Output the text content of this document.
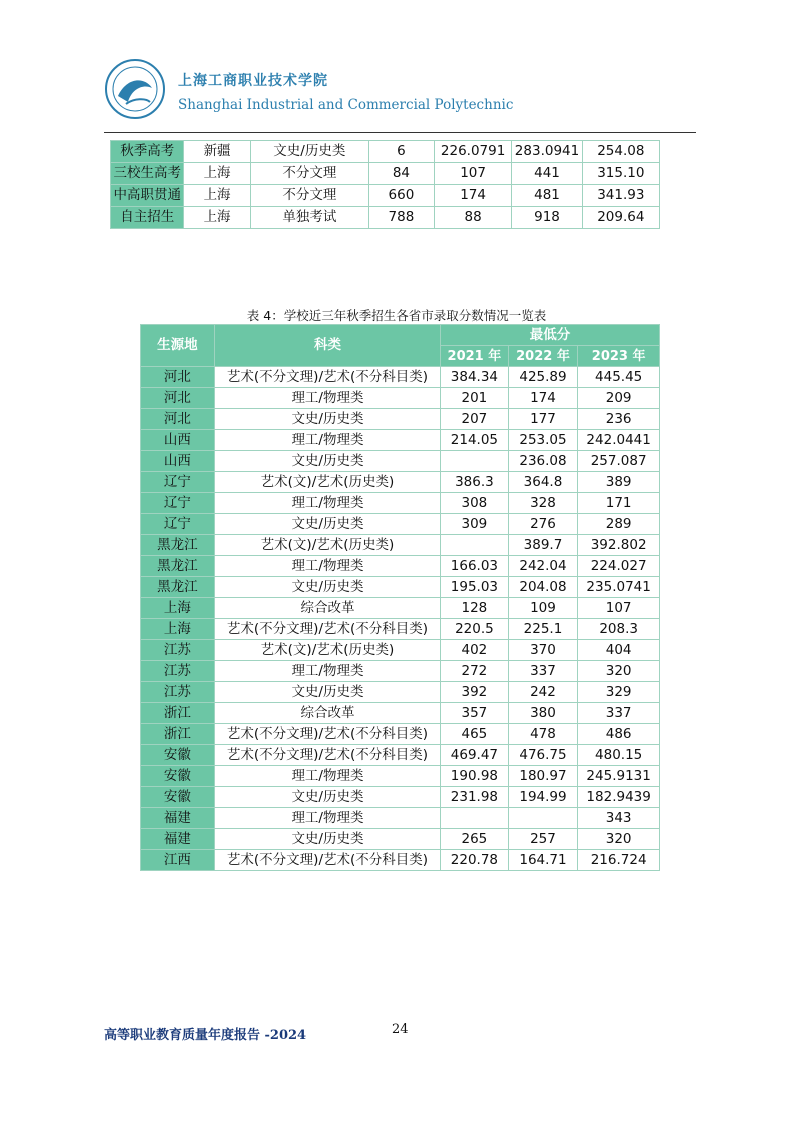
上海工商职业技术学院
Shanghai Industrial and Commercial Polytechnic
秋季高考	新疆	文史/历史类	6	226.0791	283.0941	254.08
三校生高考	上海	不分文理	84	107	441	315.10
中高职贯通	上海	不分文理	660	174	481	341.93
自主招生	上海	单独考试	788	88	918	209.64
表 4：学校近三年秋季招生各省市录取分数情况一览表
生源地	科类	最低分		
		2021 年	2022 年	2023 年
河北	艺术(不分文理)/艺术(不分科目类)	384.34	425.89	445.45
河北	理工/物理类	201	174	209
河北	文史/历史类	207	177	236
山西	理工/物理类	214.05	253.05	242.0441
山西	文史/历史类		236.08	257.087
辽宁	艺术(文)/艺术(历史类)	386.3	364.8	389
辽宁	理工/物理类	308	328	171
辽宁	文史/历史类	309	276	289
黑龙江	艺术(文)/艺术(历史类)		389.7	392.802
黑龙江	理工/物理类	166.03	242.04	224.027
黑龙江	文史/历史类	195.03	204.08	235.0741
上海	综合改革	128	109	107
上海	艺术(不分文理)/艺术(不分科目类)	220.5	225.1	208.3
江苏	艺术(文)/艺术(历史类)	402	370	404
江苏	理工/物理类	272	337	320
江苏	文史/历史类	392	242	329
浙江	综合改革	357	380	337
浙江	艺术(不分文理)/艺术(不分科目类)	465	478	486
安徽	艺术(不分文理)/艺术(不分科目类)	469.47	476.75	480.15
安徽	理工/物理类	190.98	180.97	245.9131
安徽	文史/历史类	231.98	194.99	182.9439
福建	理工/物理类			343
福建	文史/历史类	265	257	320
江西	艺术(不分文理)/艺术(不分科目类)	220.78	164.71	216.724
高等职业教育质量年度报告 -2024	24
